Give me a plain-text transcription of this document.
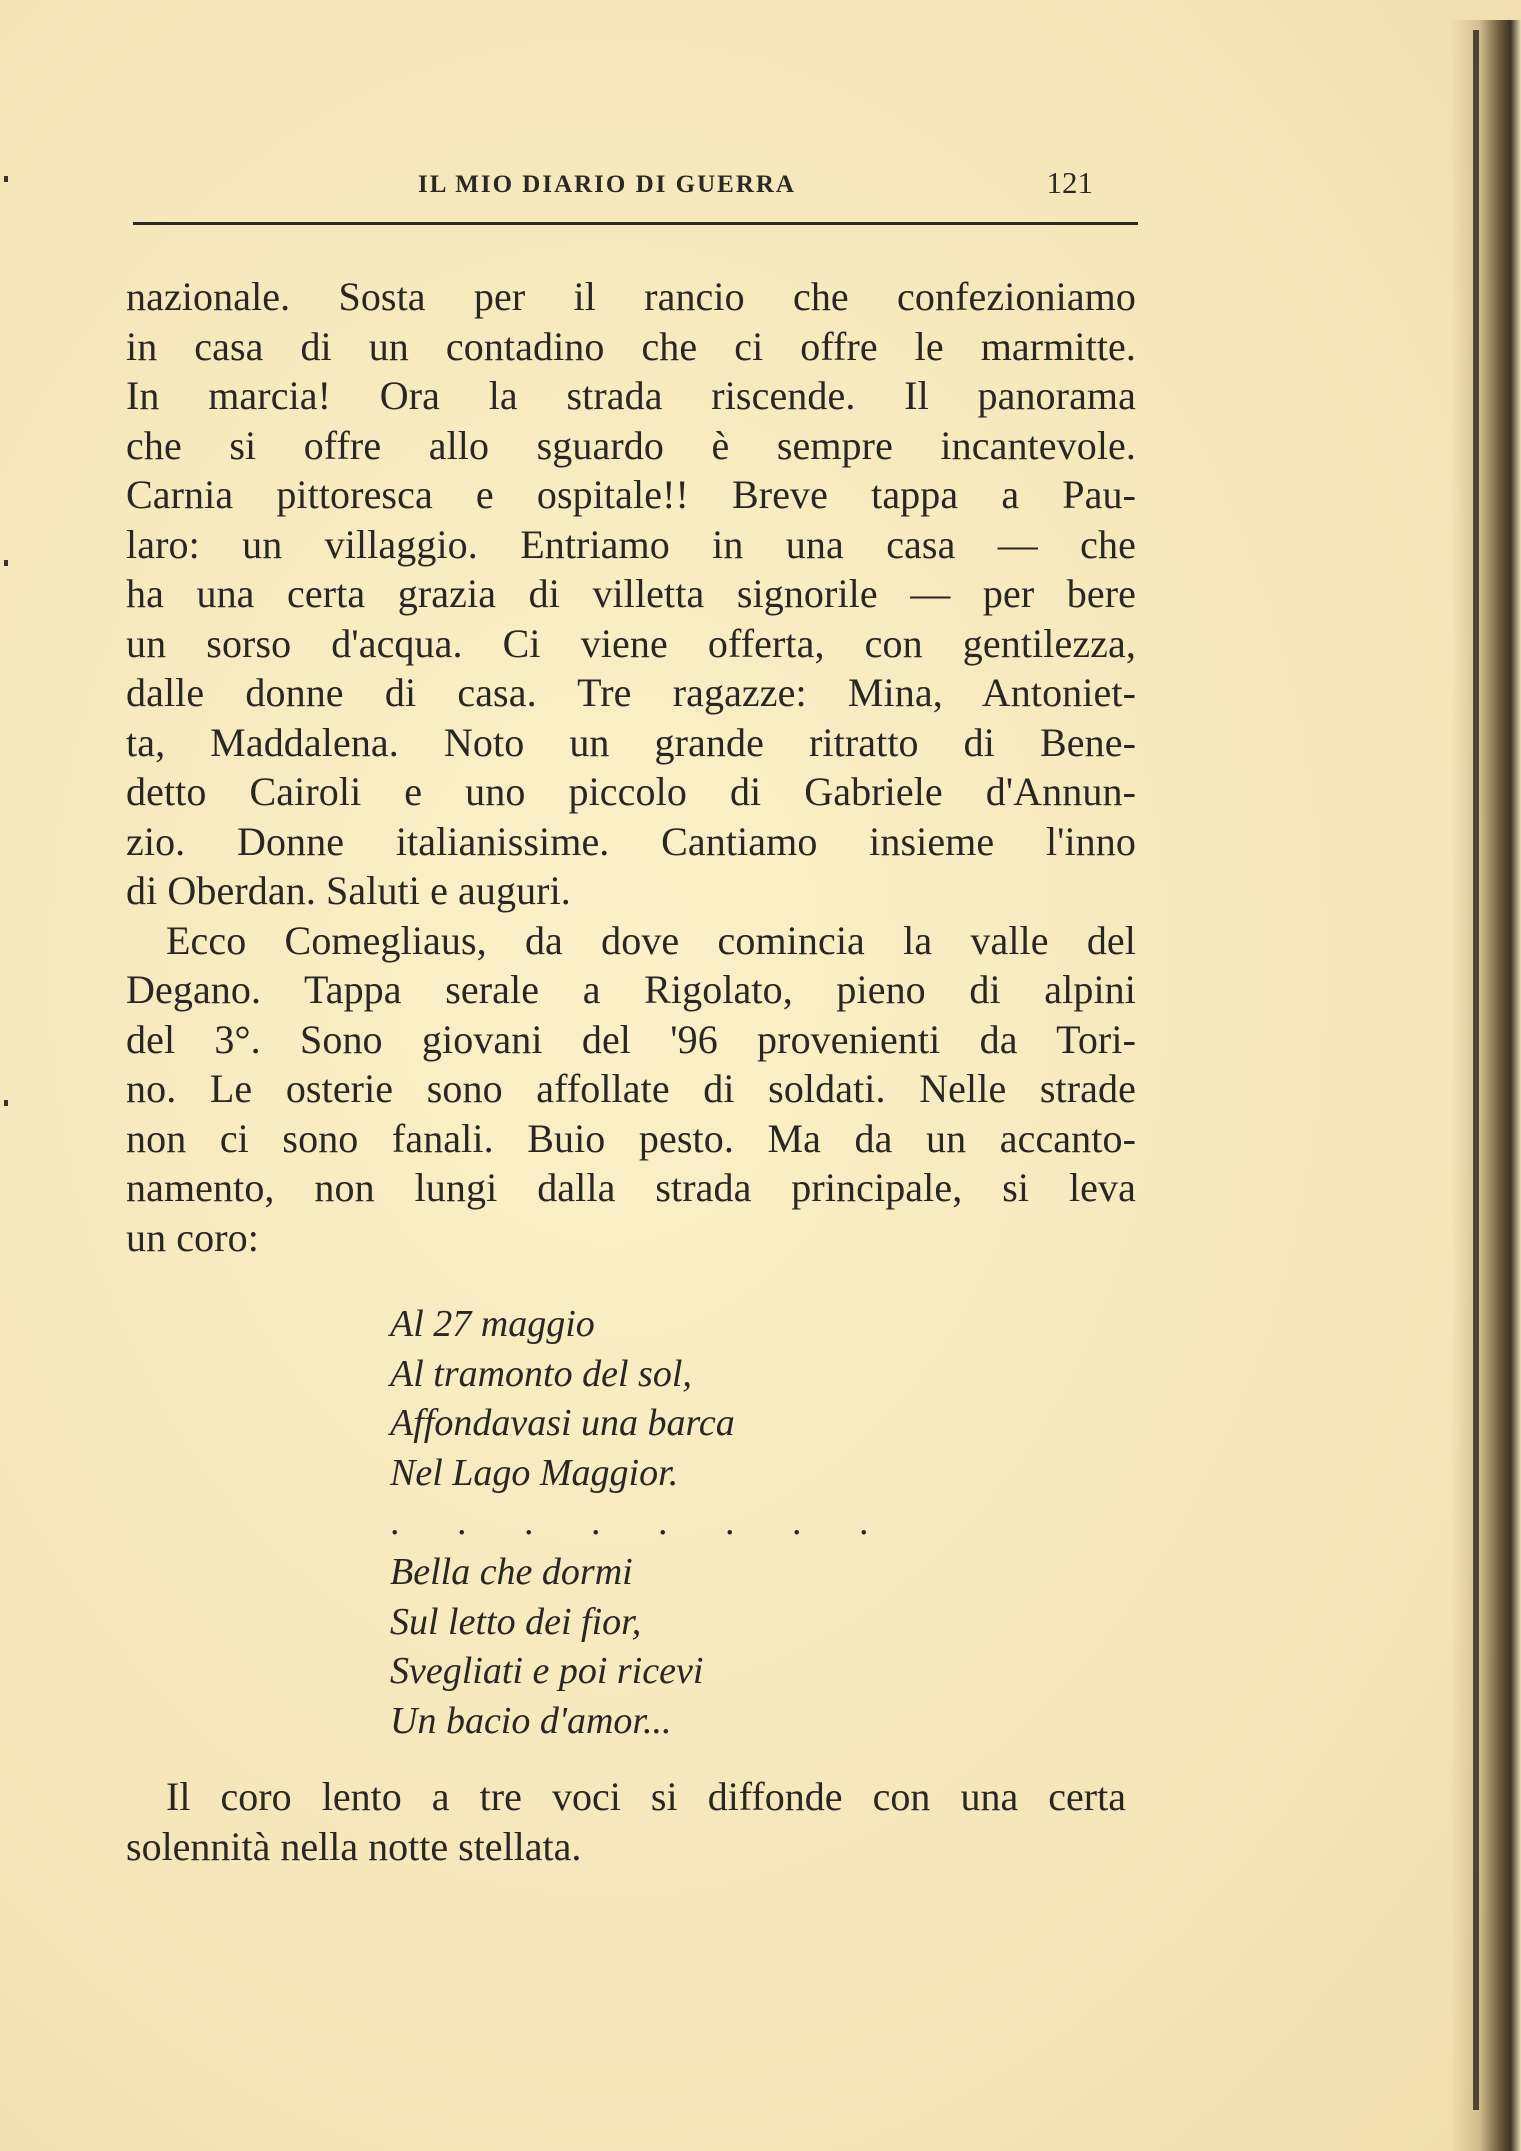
IL MIO DIARIO DI GUERRA	121
nazionale. Sosta per il rancio che confezioniamo
in casa di un contadino che ci offre le marmitte.
In marcia! Ora la strada riscende. Il panorama
che si offre allo sguardo è sempre incantevole.
Carnia pittoresca e ospitale!! Breve tappa a Pau-
laro: un villaggio. Entriamo in una casa — che
ha una certa grazia di villetta signorile — per bere
un sorso d'acqua. Ci viene offerta, con gentilezza,
dalle donne di casa. Tre ragazze: Mina, Antoniet-
ta, Maddalena. Noto un grande ritratto di Bene-
detto Cairoli e uno piccolo di Gabriele d'Annun-
zio. Donne italianissime. Cantiamo insieme l'inno
di Oberdan. Saluti e auguri.
Ecco Comegliaus, da dove comincia la valle del
Degano. Tappa serale a Rigolato, pieno di alpini
del 3°. Sono giovani del '96 provenienti da Tori-
no. Le osterie sono affollate di soldati. Nelle strade
non ci sono fanali. Buio pesto. Ma da un accanto-
namento, non lungi dalla strada principale, si leva
un coro:
Al 27 maggio
Al tramonto del sol,
Affondavasi una barca
Nel Lago Maggior.
. . . . . . . .
Bella che dormi
Sul letto dei fior,
Svegliati e poi ricevi
Un bacio d'amor...
Il coro lento a tre voci si diffonde con una certa
solennità nella notte stellata.
